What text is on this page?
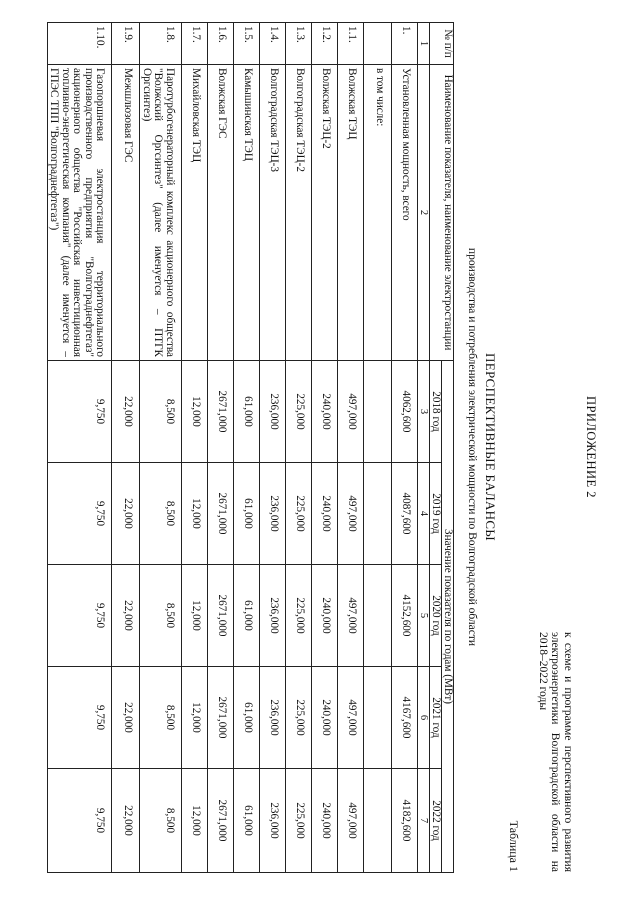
ПРИЛОЖЕНИЕ 2
к схеме и программе перспективного развития электроэнергетики Волгоградской области на 2018–2022 годы
Таблица 1
ПЕРСПЕКТИВНЫЕ БАЛАНСЫ
производства и потребления электрической мощности по Волгоградской области
№ п/п	Наименование показателя, наименование электростанции	Значение показателя по годам (МВт)				
		2018 год	2019 год	2020 год	2021 год	2022 год
1	2	3	4	5	6	7
1.	Установленная мощность, всего	4062,600	4087,600	4152,600	4167,600	4182,600
	в том числе:					
1.1.	Волжская ТЭЦ	497,000	497,000	497,000	497,000	497,000
1.2.	Волжская ТЭЦ-2	240,000	240,000	240,000	240,000	240,000
1.3.	Волгоградская ТЭЦ-2	225,000	225,000	225,000	225,000	225,000
1.4.	Волгоградская ТЭЦ-3	236,000	236,000	236,000	236,000	236,000
1.5.	Камышинская ТЭЦ	61,000	61,000	61,000	61,000	61,000
1.6.	Волжская ГЭС	2671,000	2671,000	2671,000	2671,000	2671,000
1.7.	Михайловская ТЭЦ	12,000	12,000	12,000	12,000	12,000
1.8.	Паротурбогенераторный комплекс акционерного общества "Волжский Оргсинтез" (далее именуется – ПТГК Оргсинтез)	8,500	8,500	8,500	8,500	8,500
1.9.	Межшлюзовая ГЭС	22,000	22,000	22,000	22,000	22,000
1.10.	Газопоршневая электростанция территориального производственного предприятия "Волгограднефтегаз" акционерного общества "Российская инвестиционная топливно-энергетическая компания" (далее именуется – ГПЭС ТПП "Волгограднефтегаз")	9,750	9,750	9,750	9,750	9,750
